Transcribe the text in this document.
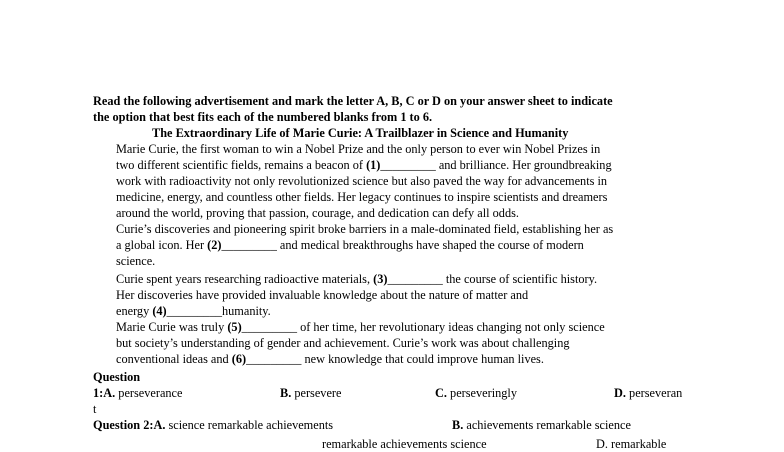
Read the following advertisement and mark the letter A, B, C or D on your answer sheet to indicate
the option that best fits each of the numbered blanks from 1 to 6.
The Extraordinary Life of Marie Curie: A Trailblazer in Science and Humanity
Marie Curie, the first woman to win a Nobel Prize and the only person to ever win Nobel Prizes in
two different scientific fields, remains a beacon of (1)_________ and brilliance. Her groundbreaking
work with radioactivity not only revolutionized science but also paved the way for advancements in
medicine, energy, and countless other fields. Her legacy continues to inspire scientists and dreamers
around the world, proving that passion, courage, and dedication can defy all odds.
Curie’s discoveries and pioneering spirit broke barriers in a male-dominated field, establishing her as
a global icon. Her (2)_________ and medical breakthroughs have shaped the course of modern
science.
Curie spent years researching radioactive materials, (3)_________ the course of scientific history.
Her discoveries have provided invaluable knowledge about the nature of matter and
energy (4)_________humanity.
Marie Curie was truly (5)_________ of her time, her revolutionary ideas changing not only science
but society’s understanding of gender and achievement. Curie’s work was about challenging
conventional ideas and (6)_________ new knowledge that could improve human lives.
Question
1:A. perseverance	B. persevere	C. perseveringly	D. perseveran
t
Question 2:A. science remarkable achievements	B. achievements remarkable science
remarkable achievements science	D. remarkable
